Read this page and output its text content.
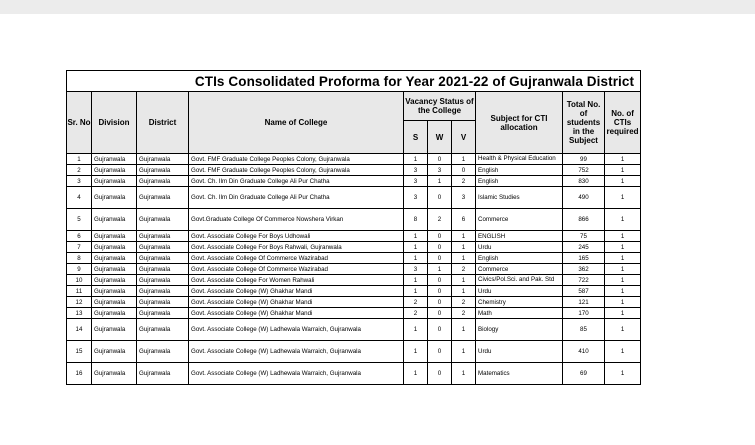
CTIs Consolidated Proforma for Year 2021-22 of Gujranwala District									
Sr. No	Division	District	Name of College	Vacancy Status of the College			Subject for CTI allocation	Total No. of students in the Subject	No. of CTIs required
				S	W	V			
1	Gujranwala	Gujranwala	Govt. FMF Graduate College Peoples Colony, Gujranwala	1	0	1	Health & Physical Education	99	1
2	Gujranwala	Gujranwala	Govt. FMF Graduate College Peoples Colony, Gujranwala	3	3	0	English	752	1
3	Gujranwala	Gujranwala	Govt. Ch. Ilm Din Graduate College Ali Pur Chatha	3	1	2	English	830	1
4	Gujranwala	Gujranwala	Govt. Ch. Ilm Din Graduate College Ali Pur Chatha	3	0	3	Islamic Studies	490	1
5	Gujranwala	Gujranwala	Govt.Graduate College Of Commerce Nowshera Virkan	8	2	6	Commerce	866	1
6	Gujranwala	Gujranwala	Govt. Associate College For Boys Udhowali	1	0	1	ENGLISH	75	1
7	Gujranwala	Gujranwala	Govt. Associate College For Boys Rahwali, Gujranwala	1	0	1	Urdu	245	1
8	Gujranwala	Gujranwala	Govt. Associate College Of Commerce Wazirabad	1	0	1	English	165	1
9	Gujranwala	Gujranwala	Govt. Associate College Of Commerce Wazirabad	3	1	2	Commerce	362	1
10	Gujranwala	Gujranwala	Govt. Associate College For Women Rahwali	1	0	1	Civics/Pol.Sci. and Pak. Std	722	1
11	Gujranwala	Gujranwala	Govt. Associate College (W) Ghakhar Mandi	1	0	1	Urdu	587	1
12	Gujranwala	Gujranwala	Govt. Associate College (W) Ghakhar Mandi	2	0	2	Chemistry	121	1
13	Gujranwala	Gujranwala	Govt. Associate College (W) Ghakhar Mandi	2	0	2	Math	170	1
14	Gujranwala	Gujranwala	Govt. Associate College (W) Ladhewala Warraich, Gujranwala	1	0	1	Biology	85	1
15	Gujranwala	Gujranwala	Govt. Associate College (W) Ladhewala Warraich, Gujranwala	1	0	1	Urdu	410	1
16	Gujranwala	Gujranwala	Govt. Associate College (W) Ladhewala Warraich, Gujranwala	1	0	1	Matematics	69	1
